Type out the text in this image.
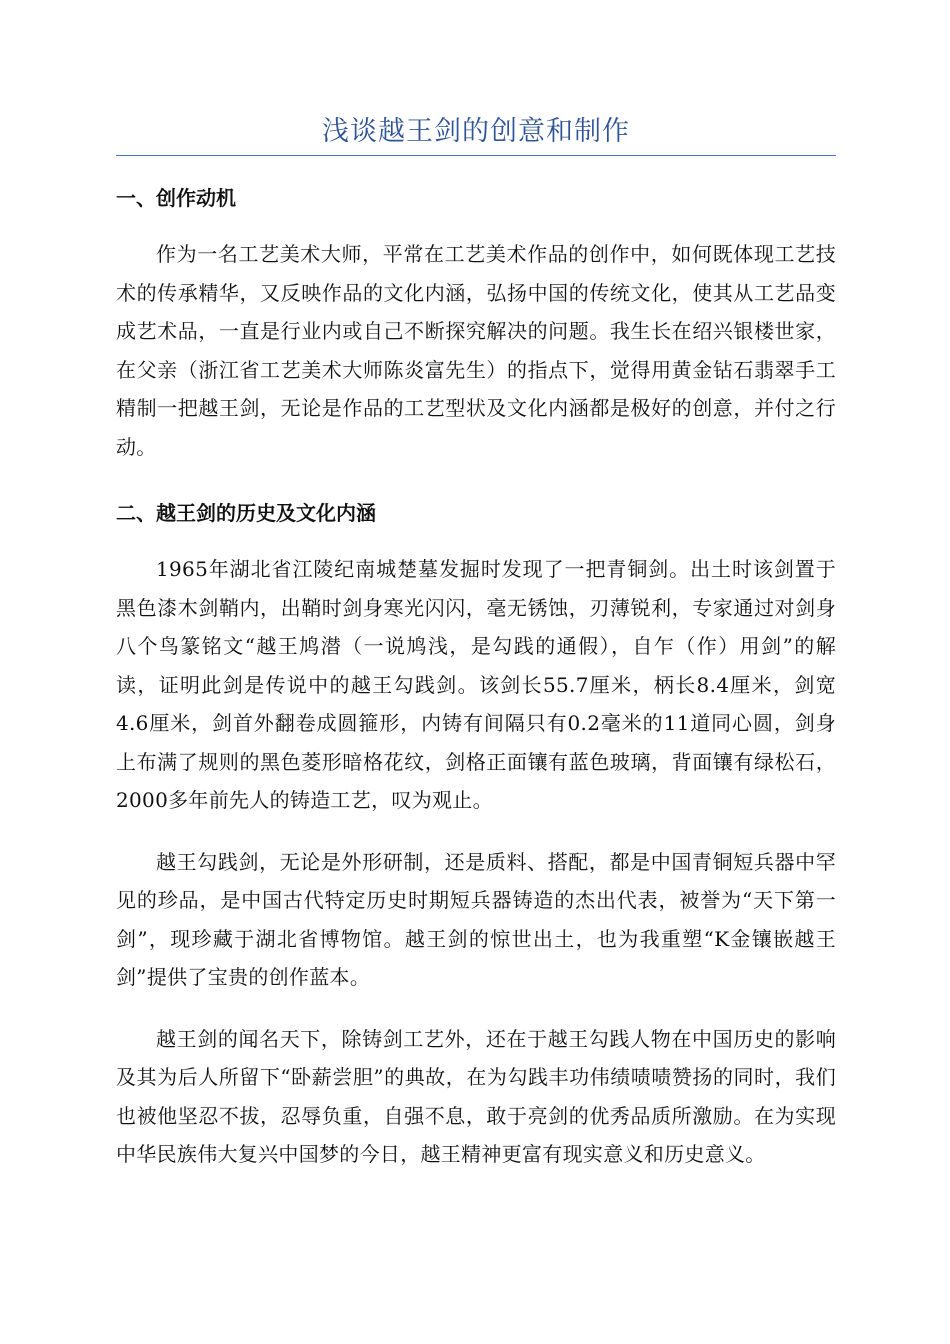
浅谈越王剑的创意和制作
一、创作动机

作为一名工艺美术大师，平常在工艺美术作品的创作中，如何既体现工艺技术的传承精华，又反映作品的文化内涵，弘扬中国的传统文化，使其从工艺品变成艺术品，一直是行业内或自己不断探究解决的问题。我生长在绍兴银楼世家，在父亲（浙江省工艺美术大师陈炎富先生）的指点下，觉得用黄金钻石翡翠手工精制一把越王剑，无论是作品的工艺型状及文化内涵都是极好的创意，并付之行动。

二、越王剑的历史及文化内涵

1965年湖北省江陵纪南城楚墓发掘时发现了一把青铜剑。出土时该剑置于黑色漆木剑鞘内，出鞘时剑身寒光闪闪，毫无锈蚀，刃薄锐利，专家通过对剑身八个鸟篆铭文“越王鸠潜（一说鸠浅，是勾践的通假），自乍（作）用剑”的解读，证明此剑是传说中的越王勾践剑。该剑长55.7厘米，柄长8.4厘米，剑宽4.6厘米，剑首外翻卷成圆箍形，内铸有间隔只有0.2毫米的11道同心圆，剑身上布满了规则的黑色菱形暗格花纹，剑格正面镶有蓝色玻璃，背面镶有绿松石，2000多年前先人的铸造工艺，叹为观止。

越王勾践剑，无论是外形研制，还是质料、搭配，都是中国青铜短兵器中罕见的珍品，是中国古代特定历史时期短兵器铸造的杰出代表，被誉为“天下第一剑”，现珍藏于湖北省博物馆。越王剑的惊世出土，也为我重塑“K金镶嵌越王剑”提供了宝贵的创作蓝本。

越王剑的闻名天下，除铸剑工艺外，还在于越王勾践人物在中国历史的影响及其为后人所留下“卧薪尝胆”的典故，在为勾践丰功伟绩啧啧赞扬的同时，我们也被他坚忍不拔，忍辱负重，自强不息，敢于亮剑的优秀品质所激励。在为实现中华民族伟大复兴中国梦的今日，越王精神更富有现实意义和历史意义。
